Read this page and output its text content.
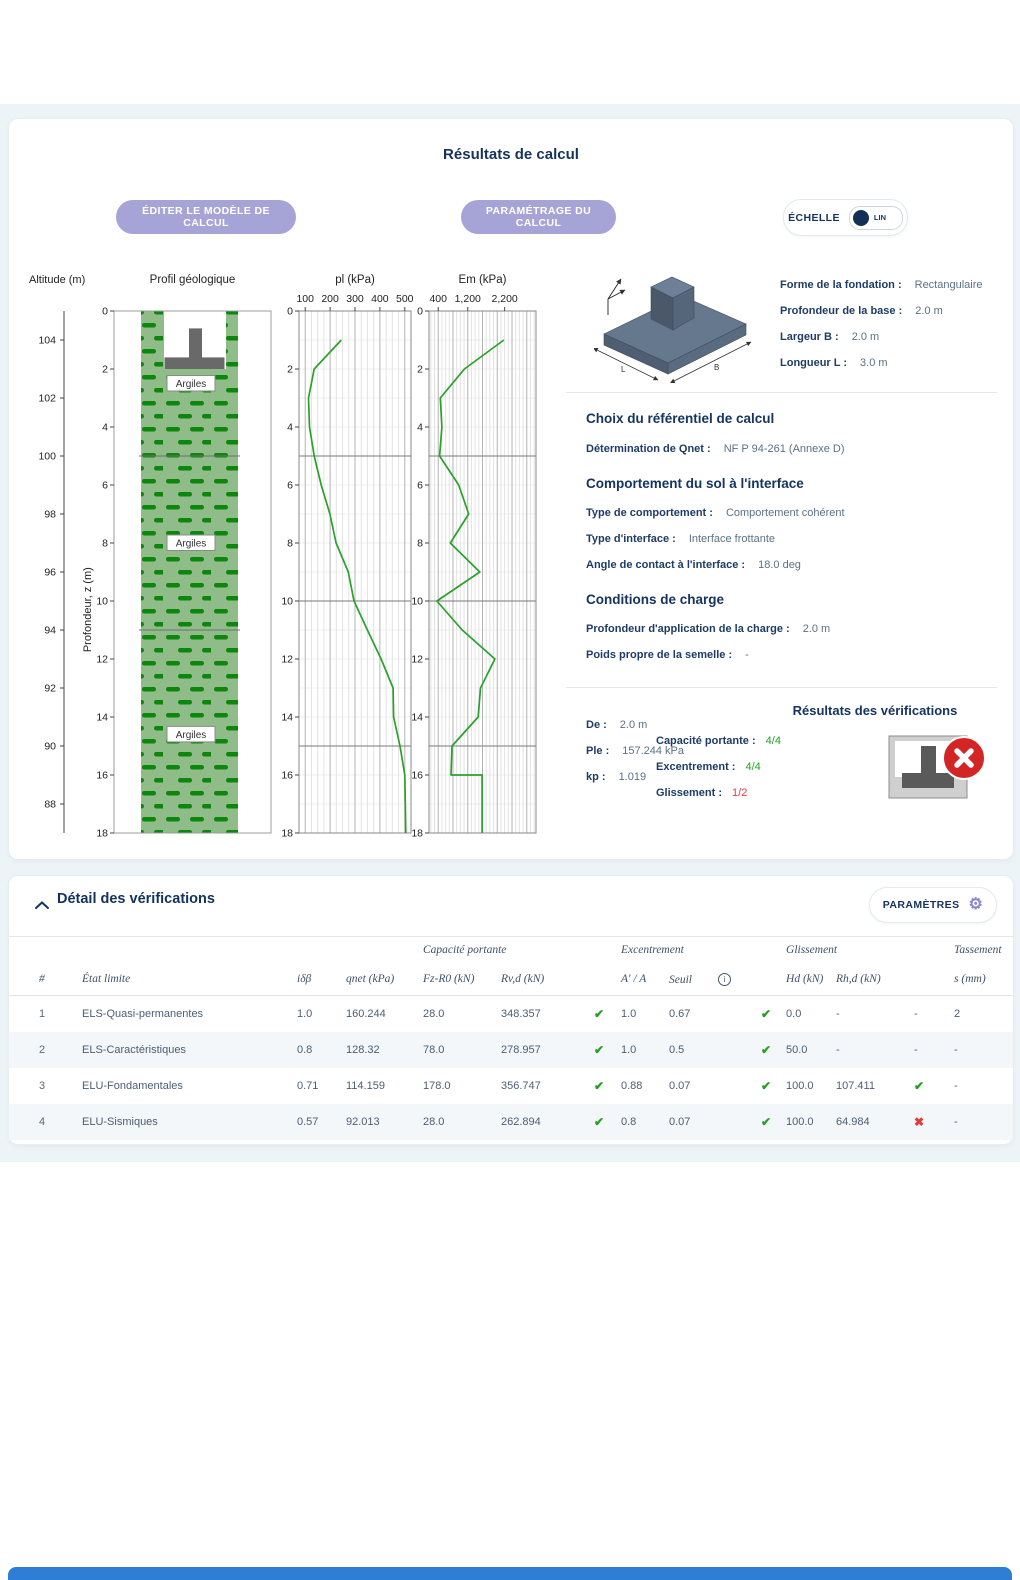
Résultats de calcul
ÉDITER LE MODÈLE DE CALCUL
PARAMÉTRAGE DU CALCUL	ÉCHELLE	LIN
Altitude (m)
104
102
100
98
96
94
92
90
88
Profondeur, z (m)
Profil géologique
Argiles
Argiles
Argiles
0
2
4
6
8
10
12
14
16
18
pl (kPa)
100 200 300 400 500
0
2
4
6
8
10
12
14
16
18
Em (kPa)
400 1,200 2,200
0
2
4
6
8
10
12
14
16
18
L	B
Forme de la fondation : Rectangulaire
Profondeur de la base : 2.0 m
Largeur B : 2.0 m
Longueur L : 3.0 m
Choix du référentiel de calcul
Détermination de Qnet : NF P 94-261 (Annexe D)
Comportement du sol à l'interface
Type de comportement : Comportement cohérent
Type d'interface : Interface frottante
Angle de contact à l'interface : 18.0 deg
Conditions de charge
Profondeur d'application de la charge : 2.0 m
Poids propre de la semelle : -
De : 2.0 m
Ple : 157.244 kPa
kp : 1.019
Résultats des vérifications
Capacité portante : 4/4
Excentrement : 4/4
Glissement : 1/2
Détail des vérifications	PARAMÈTRES ⚙
				Capacité portante			Excentrement			Glissement			Tassement
#	État limite	iδβ	qnet (kPa)	Fz-R0 (kN)	Rv,d (kN)		A' / A	Seuil i		Hd (kN)	Rh,d (kN)		s (mm)
1	ELS-Quasi-permanentes	1.0	160.244	28.0	348.357	✔	1.0	0.67	✔	0.0	-	-	2
2	ELS-Caractéristiques	0.8	128.32	78.0	278.957	✔	1.0	0.5	✔	50.0	-	-	-
3	ELU-Fondamentales	0.71	114.159	178.0	356.747	✔	0.88	0.07	✔	100.0	107.411	✔	-
4	ELU-Sismiques	0.57	92.013	28.0	262.894	✔	0.8	0.07	✔	100.0	64.984	✖	-
